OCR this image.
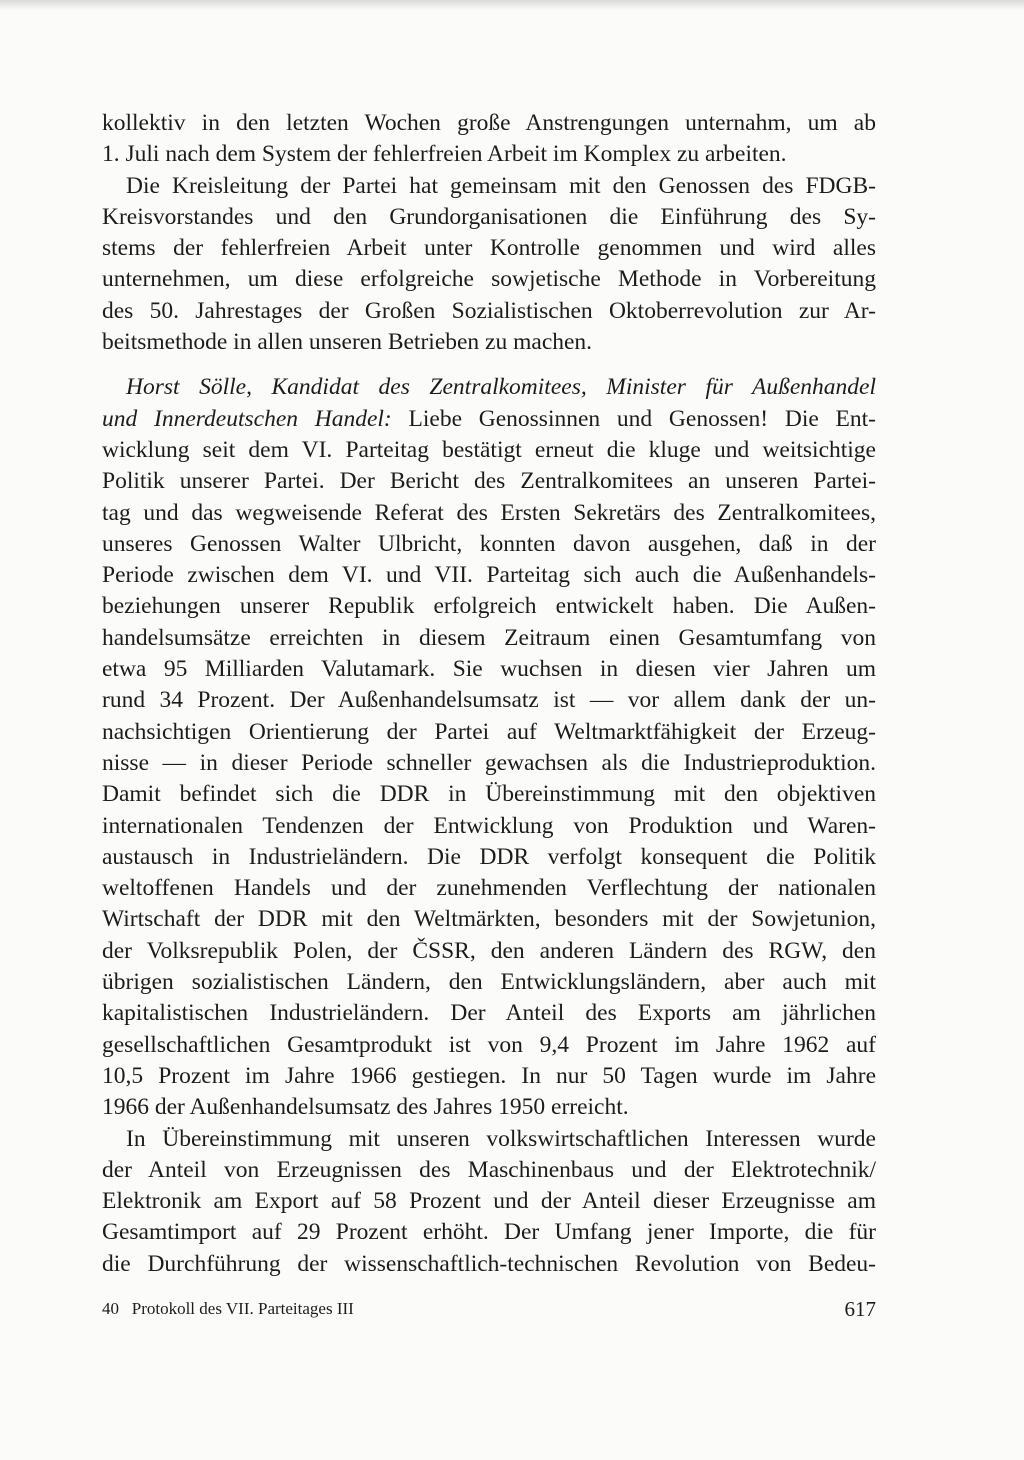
kollektiv in den letzten Wochen große Anstrengungen unternahm, um ab
1. Juli nach dem System der fehlerfreien Arbeit im Komplex zu arbeiten.
Die Kreisleitung der Partei hat gemeinsam mit den Genossen des FDGB-
Kreisvorstandes und den Grundorganisationen die Einführung des Sy-
stems der fehlerfreien Arbeit unter Kontrolle genommen und wird alles
unternehmen, um diese erfolgreiche sowjetische Methode in Vorbereitung
des 50. Jahrestages der Großen Sozialistischen Oktoberrevolution zur Ar-
beitsmethode in allen unseren Betrieben zu machen.
Horst Sölle, Kandidat des Zentralkomitees, Minister für Außenhandel
und Innerdeutschen Handel: Liebe Genossinnen und Genossen! Die Ent-
wicklung seit dem VI. Parteitag bestätigt erneut die kluge und weitsichtige
Politik unserer Partei. Der Bericht des Zentralkomitees an unseren Partei-
tag und das wegweisende Referat des Ersten Sekretärs des Zentralkomitees,
unseres Genossen Walter Ulbricht, konnten davon ausgehen, daß in der
Periode zwischen dem VI. und VII. Parteitag sich auch die Außenhandels-
beziehungen unserer Republik erfolgreich entwickelt haben. Die Außen-
handelsumsätze erreichten in diesem Zeitraum einen Gesamtumfang von
etwa 95 Milliarden Valutamark. Sie wuchsen in diesen vier Jahren um
rund 34 Prozent. Der Außenhandelsumsatz ist — vor allem dank der un-
nachsichtigen Orientierung der Partei auf Weltmarktfähigkeit der Erzeug-
nisse — in dieser Periode schneller gewachsen als die Industrieproduktion.
Damit befindet sich die DDR in Übereinstimmung mit den objektiven
internationalen Tendenzen der Entwicklung von Produktion und Waren-
austausch in Industrieländern. Die DDR verfolgt konsequent die Politik
weltoffenen Handels und der zunehmenden Verflechtung der nationalen
Wirtschaft der DDR mit den Weltmärkten, besonders mit der Sowjetunion,
der Volksrepublik Polen, der ČSSR, den anderen Ländern des RGW, den
übrigen sozialistischen Ländern, den Entwicklungsländern, aber auch mit
kapitalistischen Industrieländern. Der Anteil des Exports am jährlichen
gesellschaftlichen Gesamtprodukt ist von 9,4 Prozent im Jahre 1962 auf
10,5 Prozent im Jahre 1966 gestiegen. In nur 50 Tagen wurde im Jahre
1966 der Außenhandelsumsatz des Jahres 1950 erreicht.
In Übereinstimmung mit unseren volkswirtschaftlichen Interessen wurde
der Anteil von Erzeugnissen des Maschinenbaus und der Elektrotechnik/
Elektronik am Export auf 58 Prozent und der Anteil dieser Erzeugnisse am
Gesamtimport auf 29 Prozent erhöht. Der Umfang jener Importe, die für
die Durchführung der wissenschaftlich-technischen Revolution von Bedeu-
40   Protokoll des VII. Parteitages III	617
